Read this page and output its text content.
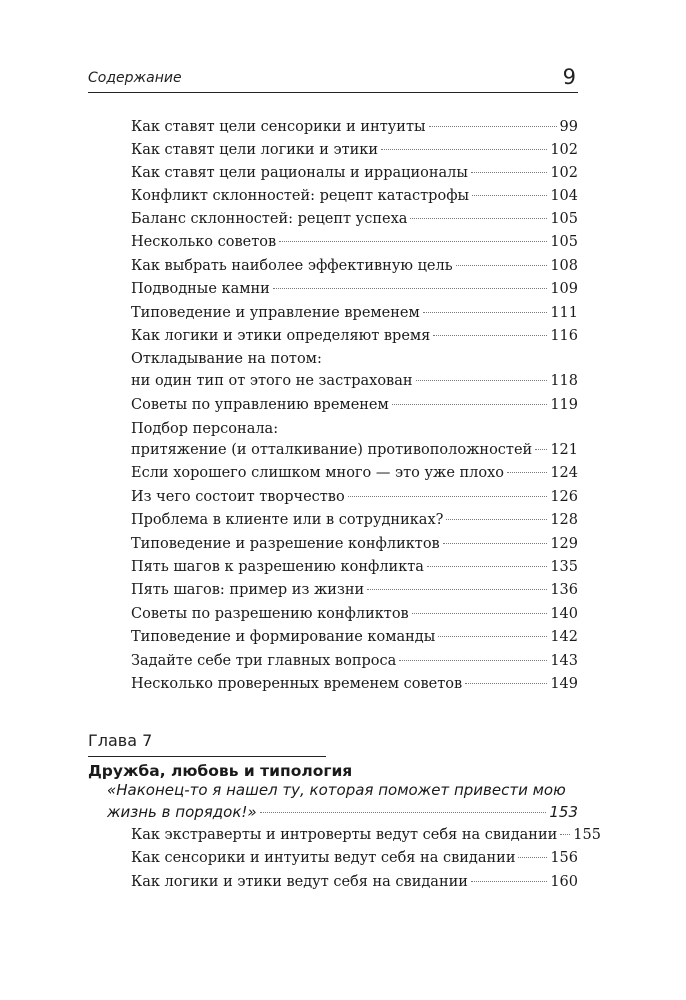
Содержание	9
Как ставят цели сенсорики и интуиты	99
Как ставят цели логики и этики	102
Как ставят цели рационалы и иррационалы	102
Конфликт склонностей: рецепт катастрофы	104
Баланс склонностей: рецепт успеха	105
Несколько советов	105
Как выбрать наиболее эффективную цель	108
Подводные камни	109
Типоведение и управление временем	111
Как логики и этики определяют время	116
Откладывание на потом:
ни один тип от этого не застрахован	118
Советы по управлению временем	119
Подбор персонала:
притяжение (и отталкивание) противоположностей 121
Если хорошего слишком много — это уже плохо	124
Из чего состоит творчество	126
Проблема в клиенте или в сотрудниках?	128
Типоведение и разрешение конфликтов	129
Пять шагов к разрешению конфликта	135
Пять шагов: пример из жизни	136
Советы по разрешению конфликтов	140
Типоведение и формирование команды	142
Задайте себе три главных вопроса	143
Несколько проверенных временем советов	149
Глава 7
Дружба, любовь и типология
«Наконец-то я нашел ту, которая поможет привести мою
жизнь в порядок!»	153
Как экстраверты и интроверты ведут себя на свидании 155
Как сенсорики и интуиты ведут себя на свидании 156
Как логики и этики ведут себя на свидании	160
